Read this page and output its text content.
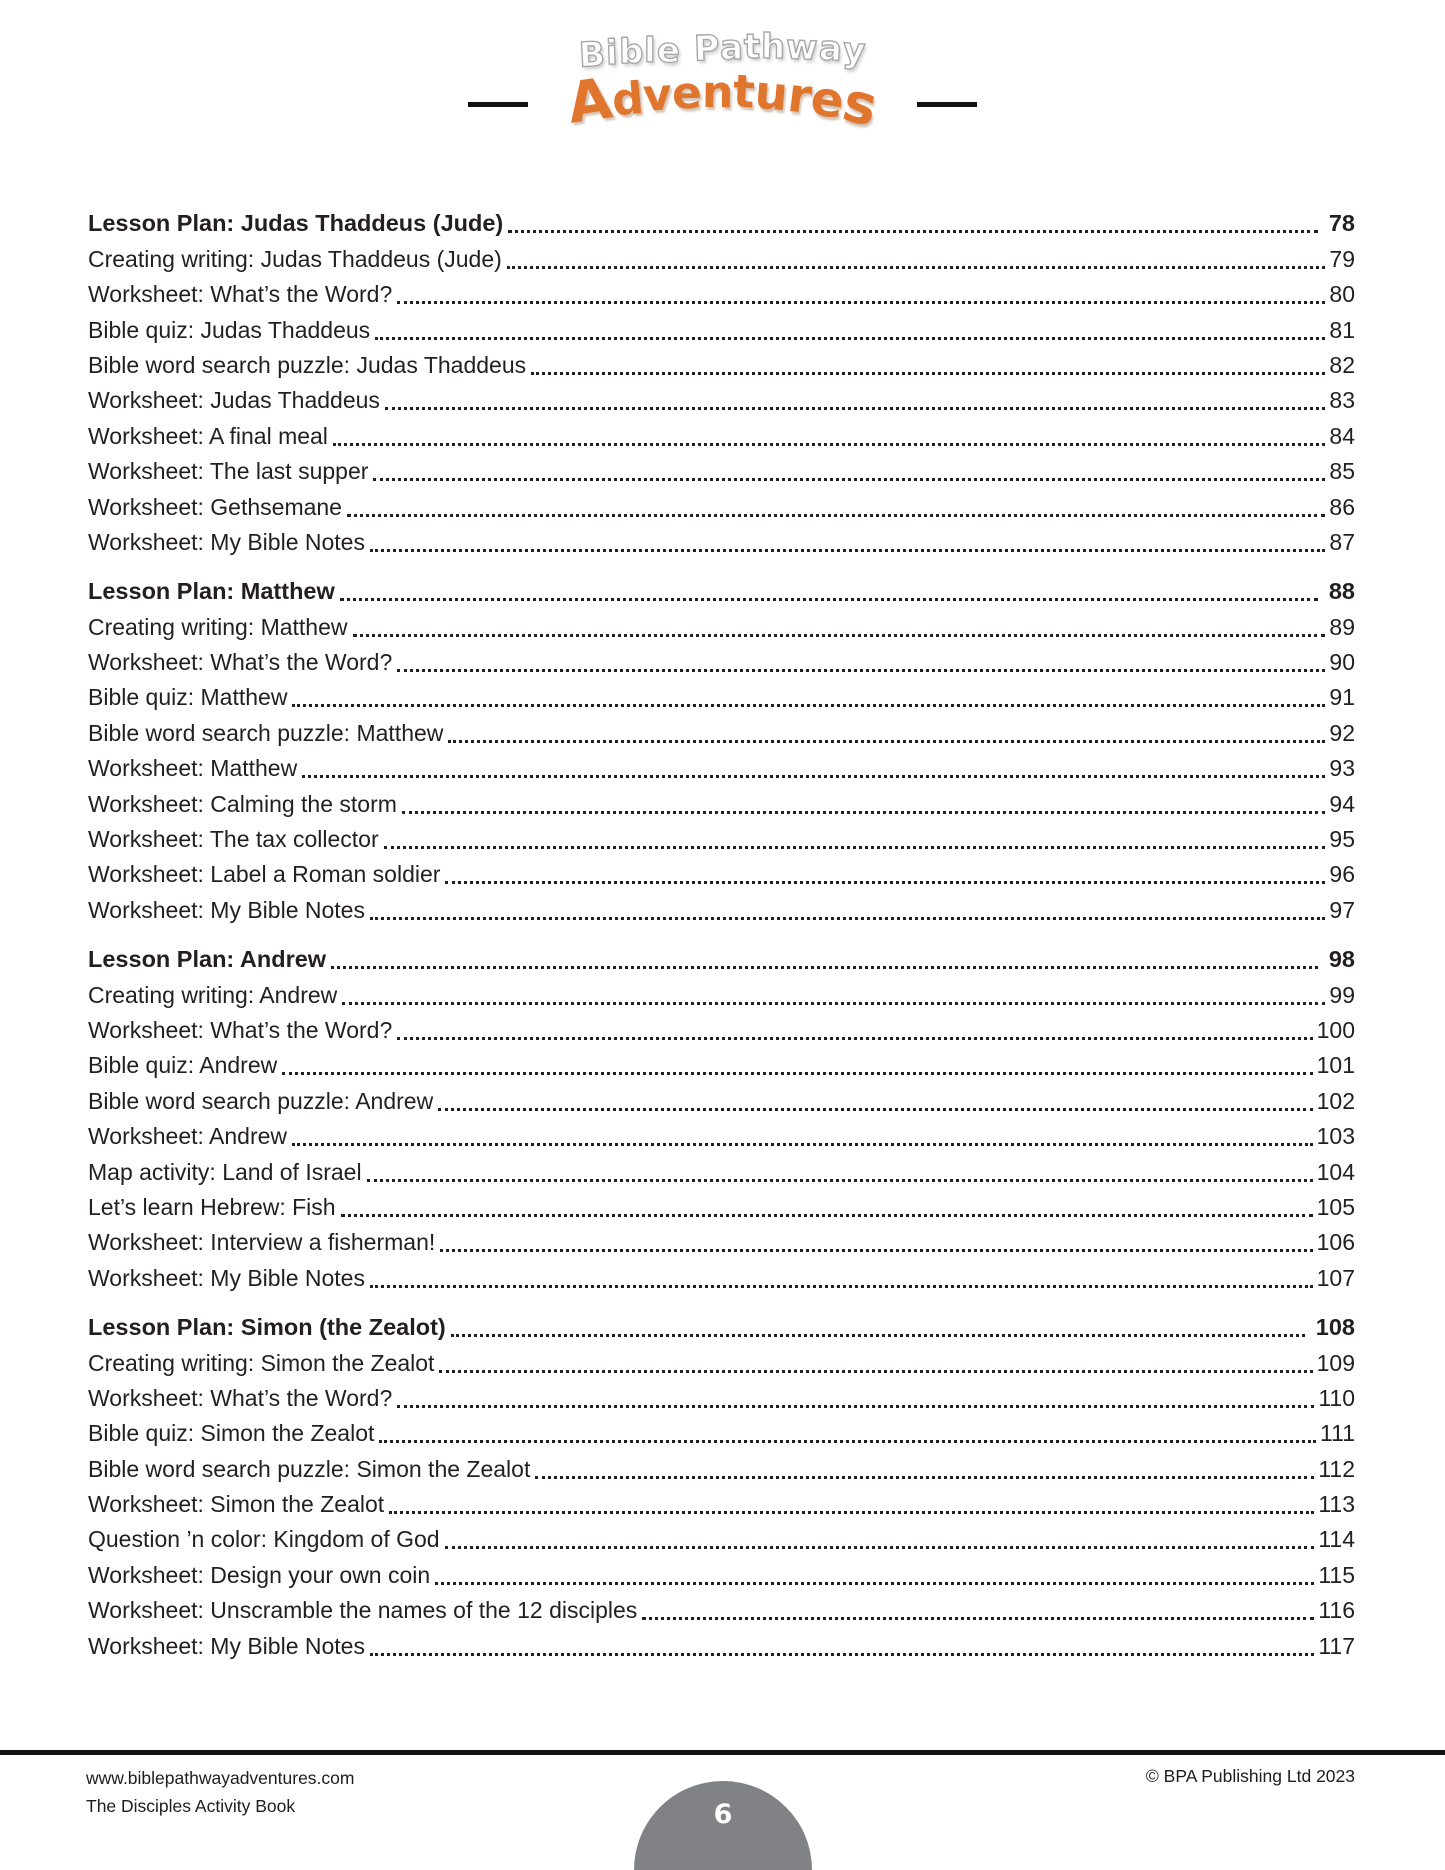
Bible Pathway
Adventures
Lesson Plan: Judas Thaddeus (Jude)	78
Creating writing: Judas Thaddeus (Jude)	79
Worksheet: What’s the Word?	80
Bible quiz: Judas Thaddeus	81
Bible word search puzzle: Judas Thaddeus	82
Worksheet: Judas Thaddeus	83
Worksheet: A final meal	84
Worksheet: The last supper	85
Worksheet: Gethsemane	86
Worksheet: My Bible Notes	87
Lesson Plan: Matthew	88
Creating writing: Matthew	89
Worksheet: What’s the Word?	90
Bible quiz: Matthew	91
Bible word search puzzle: Matthew	92
Worksheet: Matthew	93
Worksheet: Calming the storm	94
Worksheet: The tax collector	95
Worksheet: Label a Roman soldier	96
Worksheet: My Bible Notes	97
Lesson Plan: Andrew	98
Creating writing: Andrew	99
Worksheet: What’s the Word?	100
Bible quiz: Andrew	101
Bible word search puzzle: Andrew	102
Worksheet: Andrew	103
Map activity: Land of Israel	104
Let’s learn Hebrew: Fish	105
Worksheet: Interview a fisherman!	106
Worksheet: My Bible Notes	107
Lesson Plan: Simon (the Zealot)	108
Creating writing: Simon the Zealot	109
Worksheet: What’s the Word?	110
Bible quiz: Simon the Zealot	111
Bible word search puzzle: Simon the Zealot	112
Worksheet: Simon the Zealot	113
Question ’n color: Kingdom of God	114
Worksheet: Design your own coin	115
Worksheet: Unscramble the names of the 12 disciples	116
Worksheet: My Bible Notes	117
www.biblepathwayadventures.com
The Disciples Activity Book
© BPA Publishing Ltd 2023
6
